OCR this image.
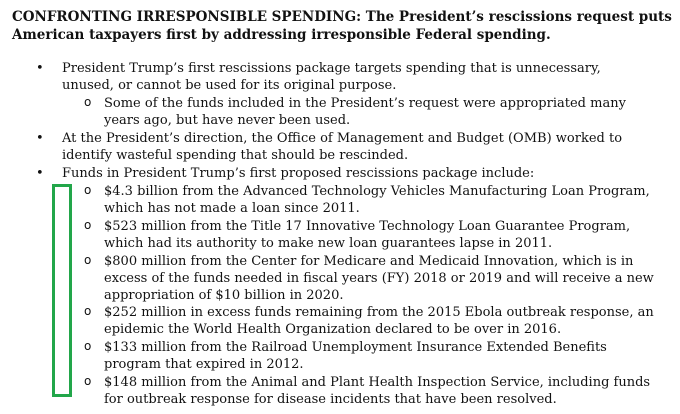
CONFRONTING IRRESPONSIBLE SPENDING: The President’s rescissions request puts American taxpayers first by addressing irresponsible Federal spending.
• President Trump’s first rescissions package targets spending that is unnecessary, unused, or cannot be used for its original purpose.
o Some of the funds included in the President’s request were appropriated many years ago, but have never been used.
• At the President’s direction, the Office of Management and Budget (OMB) worked to identify wasteful spending that should be rescinded.
• Funds in President Trump’s first proposed rescissions package include:
o $4.3 billion from the Advanced Technology Vehicles Manufacturing Loan Program, which has not made a loan since 2011.
o $523 million from the Title 17 Innovative Technology Loan Guarantee Program, which had its authority to make new loan guarantees lapse in 2011.
o $800 million from the Center for Medicare and Medicaid Innovation, which is in excess of the funds needed in fiscal years (FY) 2018 or 2019 and will receive a new appropriation of $10 billion in 2020.
o $252 million in excess funds remaining from the 2015 Ebola outbreak response, an epidemic the World Health Organization declared to be over in 2016.
o $133 million from the Railroad Unemployment Insurance Extended Benefits program that expired in 2012.
o $148 million from the Animal and Plant Health Inspection Service, including funds for outbreak response for disease incidents that have been resolved.
